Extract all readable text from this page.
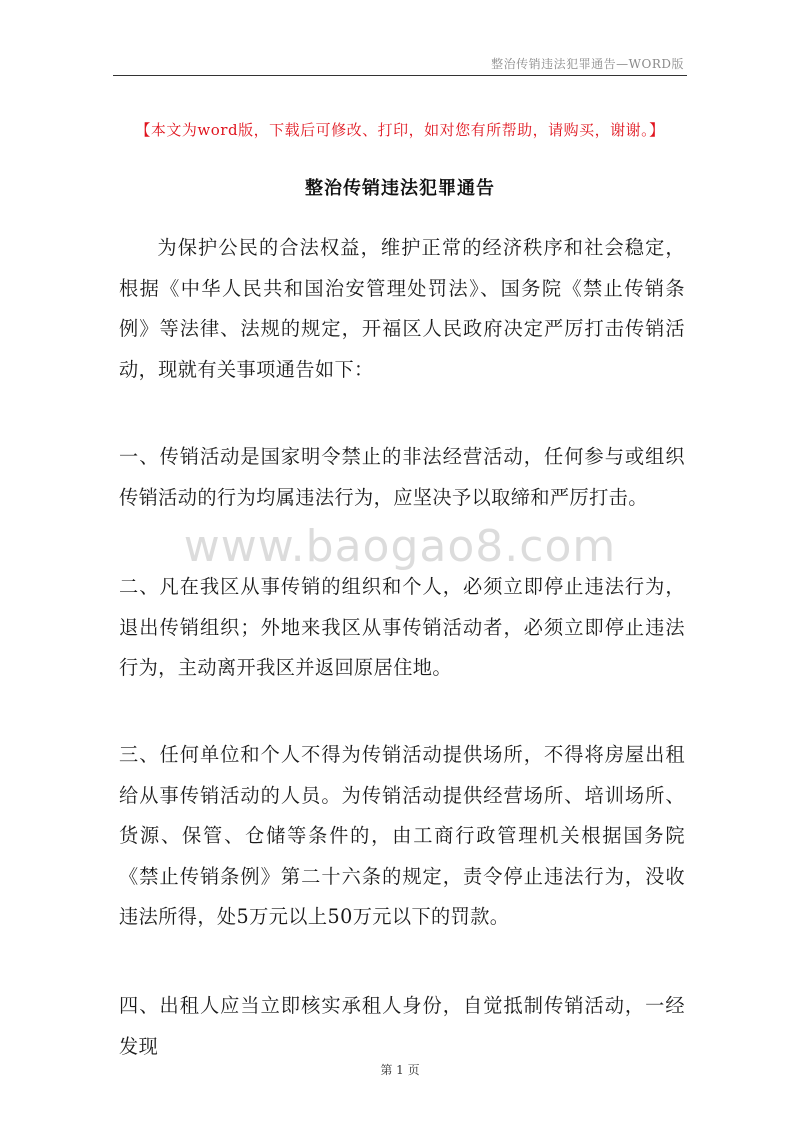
整治传销违法犯罪通告—WORD版
【本文为word版，下载后可修改、打印，如对您有所帮助，请购买，谢谢。】
整治传销违法犯罪通告

为保护公民的合法权益，维护正常的经济秩序和社会稳定，根据《中华人民共和国治安管理处罚法》、国务院《禁止传销条例》等法律、法规的规定，开福区人民政府决定严厉打击传销活动，现就有关事项通告如下：

一、传销活动是国家明令禁止的非法经营活动，任何参与或组织传销活动的行为均属违法行为，应坚决予以取缔和严厉打击。

www.baogao8.com

二、凡在我区从事传销的组织和个人，必须立即停止违法行为，退出传销组织；外地来我区从事传销活动者，必须立即停止违法行为，主动离开我区并返回原居住地。

三、任何单位和个人不得为传销活动提供场所，不得将房屋出租给从事传销活动的人员。为传销活动提供经营场所、培训场所、货源、保管、仓储等条件的，由工商行政管理机关根据国务院《禁止传销条例》第二十六条的规定，责令停止违法行为，没收违法所得，处5万元以上50万元以下的罚款。

四、出租人应当立即核实承租人身份，自觉抵制传销活动，一经发现

第 1 页
